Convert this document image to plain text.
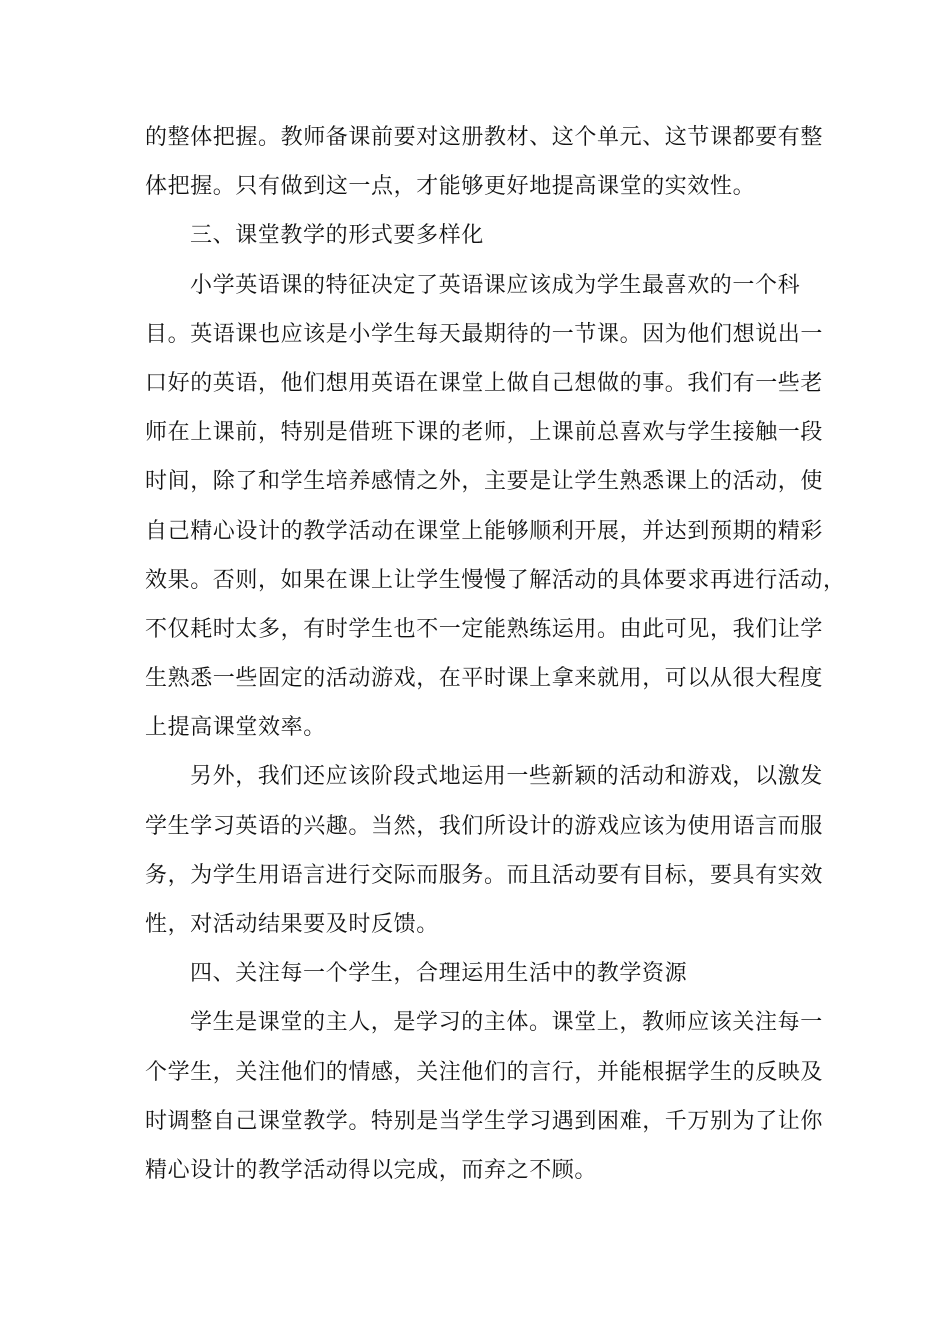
的整体把握。教师备课前要对这册教材、这个单元、这节课都要有整
体把握。只有做到这一点，才能够更好地提高课堂的实效性。
三、课堂教学的形式要多样化
小学英语课的特征决定了英语课应该成为学生最喜欢的一个科
目。英语课也应该是小学生每天最期待的一节课。因为他们想说出一
口好的英语，他们想用英语在课堂上做自己想做的事。我们有一些老
师在上课前，特别是借班下课的老师，上课前总喜欢与学生接触一段
时间，除了和学生培养感情之外，主要是让学生熟悉课上的活动，使
自己精心设计的教学活动在课堂上能够顺利开展，并达到预期的精彩
效果。否则，如果在课上让学生慢慢了解活动的具体要求再进行活动，
不仅耗时太多，有时学生也不一定能熟练运用。由此可见，我们让学
生熟悉一些固定的活动游戏，在平时课上拿来就用，可以从很大程度
上提高课堂效率。
另外，我们还应该阶段式地运用一些新颖的活动和游戏，以激发
学生学习英语的兴趣。当然，我们所设计的游戏应该为使用语言而服
务，为学生用语言进行交际而服务。而且活动要有目标，要具有实效
性，对活动结果要及时反馈。
四、关注每一个学生，合理运用生活中的教学资源
学生是课堂的主人，是学习的主体。课堂上，教师应该关注每一
个学生，关注他们的情感，关注他们的言行，并能根据学生的反映及
时调整自己课堂教学。特别是当学生学习遇到困难，千万别为了让你
精心设计的教学活动得以完成，而弃之不顾。
